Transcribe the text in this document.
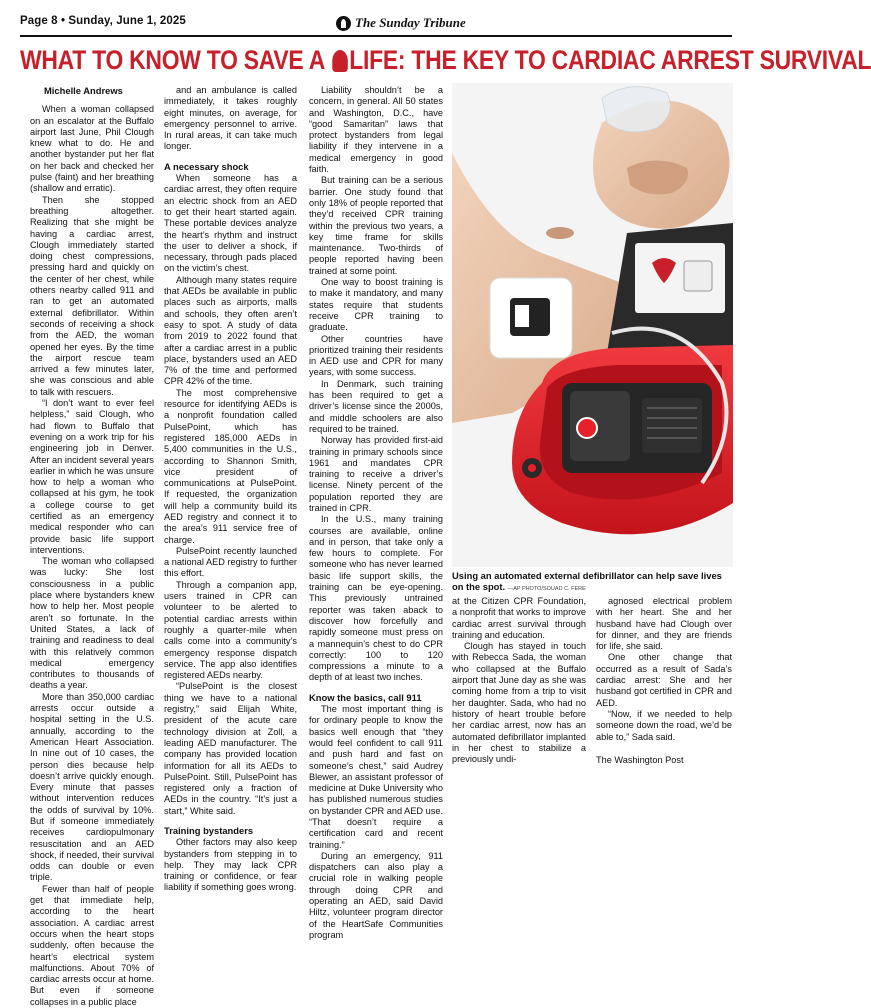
Page 8 • Sunday, June 1, 2025	The Sunday Tribune
WHAT TO KNOW TO SAVE A LIFE: THE KEY TO CARDIAC ARREST SURVIVAL
Michelle Andrews

When a woman collapsed on an escalator at the Buffalo airport last June, Phil Clough knew what to do. He and another bystander put her flat on her back and checked her pulse (faint) and her breathing (shallow and erratic).

Then she stopped breathing altogether. Realizing that she might be having a cardiac arrest, Clough immediately started doing chest compressions, pressing hard and quickly on the center of her chest, while others nearby called 911 and ran to get an automated external defibrillator. Within seconds of receiving a shock from the AED, the woman opened her eyes. By the time the airport rescue team arrived a few minutes later, she was conscious and able to talk with rescuers.

“I don’t want to ever feel helpless,” said Clough, who had flown to Buffalo that evening on a work trip for his engineering job in Denver. After an incident several years earlier in which he was unsure how to help a woman who collapsed at his gym, he took a college course to get certified as an emergency medical responder who can provide basic life support interventions.

The woman who collapsed was lucky: She lost consciousness in a public place where bystanders knew how to help her. Most people aren’t so fortunate. In the United States, a lack of training and readiness to deal with this relatively common medical emergency contributes to thousands of deaths a year.

More than 350,000 cardiac arrests occur outside a hospital setting in the U.S. annually, according to the American Heart Association. In nine out of 10 cases, the person dies because help doesn’t arrive quickly enough. Every minute that passes without intervention reduces the odds of survival by 10%. But if someone immediately receives cardiopulmonary resuscitation and an AED shock, if needed, their survival odds can double or even triple.

Fewer than half of people get that immediate help, according to the heart association. A cardiac arrest occurs when the heart stops suddenly, often because the heart’s electrical system malfunctions. About 70% of cardiac arrests occur at home. But even if someone collapses in a public place

and an ambulance is called immediately, it takes roughly eight minutes, on average, for emergency personnel to arrive. In rural areas, it can take much longer.

A necessary shock

When someone has a cardiac arrest, they often require an electric shock from an AED to get their heart started again. These portable devices analyze the heart’s rhythm and instruct the user to deliver a shock, if necessary, through pads placed on the victim’s chest.

Although many states require that AEDs be available in public places such as airports, malls and schools, they often aren’t easy to spot. A study of data from 2019 to 2022 found that after a cardiac arrest in a public place, bystanders used an AED 7% of the time and performed CPR 42% of the time.

The most comprehensive resource for identifying AEDs is a nonprofit foundation called PulsePoint, which has registered 185,000 AEDs in 5,400 communities in the U.S., according to Shannon Smith, vice president of communications at PulsePoint. If requested, the organization will help a community build its AED registry and connect it to the area’s 911 service free of charge.

PulsePoint recently launched a national AED registry to further this effort.

Through a companion app, users trained in CPR can volunteer to be alerted to potential cardiac arrests within roughly a quarter-mile when calls come into a community’s emergency response dispatch service. The app also identifies registered AEDs nearby.

“PulsePoint is the closest thing we have to a national registry,” said Elijah White, president of the acute care technology division at Zoll, a leading AED manufacturer. The company has provided location information for all its AEDs to PulsePoint. Still, PulsePoint has registered only a fraction of AEDs in the country. “It’s just a start,” White said.

Training bystanders

Other factors may also keep bystanders from stepping in to help. They may lack CPR training or confidence, or fear liability if something goes wrong.

Liability shouldn’t be a concern, in general. All 50 states and Washington, D.C., have “good Samaritan” laws that protect bystanders from legal liability if they intervene in a medical emergency in good faith.

But training can be a serious barrier. One study found that only 18% of people reported that they’d received CPR training within the previous two years, a key time frame for skills maintenance. Two-thirds of people reported having been trained at some point.

One way to boost training is to make it mandatory, and many states require that students receive CPR training to graduate.

Other countries have prioritized training their residents in AED use and CPR for many years, with some success.

In Denmark, such training has been required to get a driver’s license since the 2000s, and middle schoolers are also required to be trained.

Norway has provided first-aid training in primary schools since 1961 and mandates CPR training to receive a driver’s license. Ninety percent of the population reported they are trained in CPR.

In the U.S., many training courses are available, online and in person, that take only a few hours to complete. For someone who has never learned basic life support skills, the training can be eye-opening. This previously untrained reporter was taken aback to discover how forcefully and rapidly someone must press on a mannequin’s chest to do CPR correctly: 100 to 120 compressions a minute to a depth of at least two inches.

Know the basics, call 911

The most important thing is for ordinary people to know the basics well enough that “they would feel confident to call 911 and push hard and fast on someone’s chest,” said Audrey Blewer, an assistant professor of medicine at Duke University who has published numerous studies on bystander CPR and AED use. “That doesn’t require a certification card and recent training.”

During an emergency, 911 dispatchers can also play a crucial role in walking people through doing CPR and operating an AED, said David Hiltz, volunteer program director of the HeartSafe Communities program

Using an automated external defibrillator can help save lives on the spot. —AP PHOTO/SOUAD C. FERE

at the Citizen CPR Foundation, a nonprofit that works to improve cardiac arrest survival through training and education.

Clough has stayed in touch with Rebecca Sada, the woman who collapsed at the Buffalo airport that June day as she was coming home from a trip to visit her daughter. Sada, who had no history of heart trouble before her cardiac arrest, now has an automated defibrillator implanted in her chest to stabilize a previously undi-

agnosed electrical problem with her heart. She and her husband have had Clough over for dinner, and they are friends for life, she said.

One other change that occurred as a result of Sada’s cardiac arrest: She and her husband got certified in CPR and AED.

“Now, if we needed to help someone down the road, we’d be able to,” Sada said.

The Washington Post
